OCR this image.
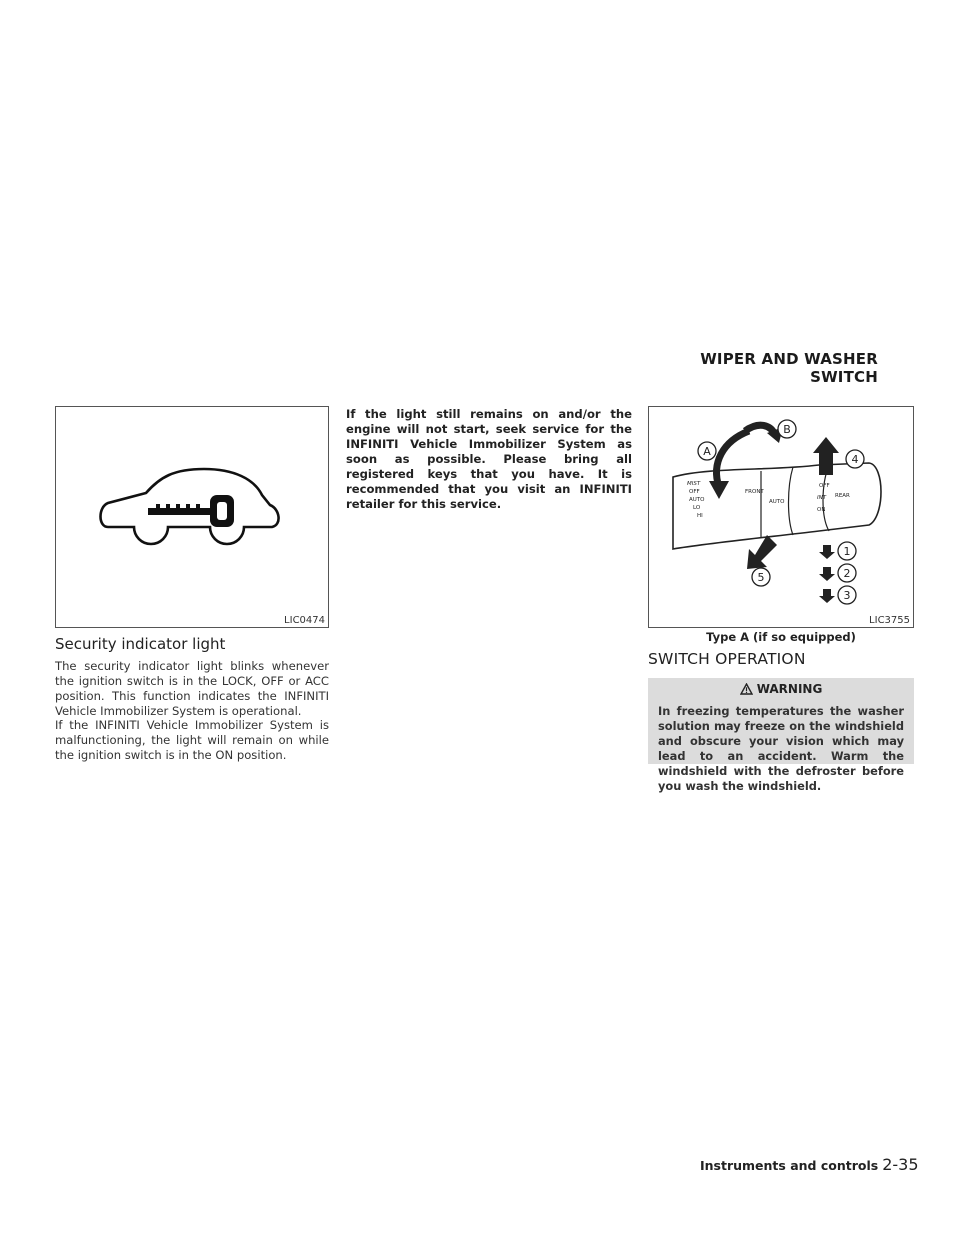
WIPER AND WASHER SWITCH
LIC0474
Security indicator light

The security indicator light blinks whenever the ignition switch is in the LOCK, OFF or ACC position. This function indicates the INFINITI Vehicle Immobilizer System is operational.

If the INFINITI Vehicle Immobilizer System is malfunctioning, the light will remain on while the ignition switch is in the ON position.

If the light still remains on and/or the engine will not start, seek service for the INFINITI Vehicle Immobilizer System as soon as possible. Please bring all registered keys that you have. It is recommended that you visit an INFINITI retailer for this service.

A
B
4
5
1
2
3
MIST
OFF
AUTO
LO
HI
FRONT
AUTO
OFF
INT
ON
REAR
LIC3755
Type A (if so equipped)
SWITCH OPERATION
WARNING

In freezing temperatures the washer solution may freeze on the windshield and obscure your vision which may lead to an accident. Warm the windshield with the defroster before you wash the windshield.

Instruments and controls 2-35
